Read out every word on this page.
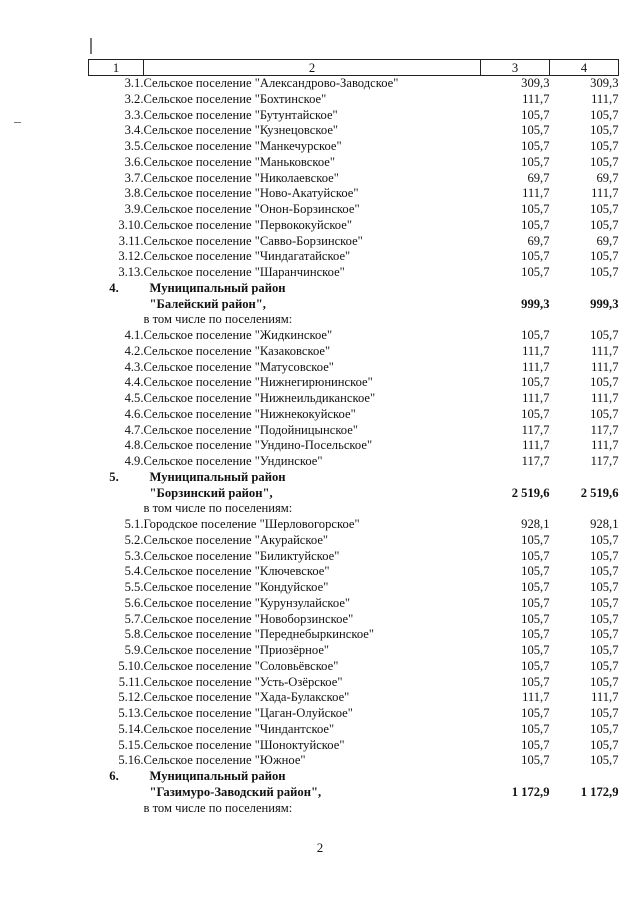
1	2	3	4
3.1.	Сельское поселение "Александрово-Заводское"	309,3	309,3
3.2.	Сельское поселение "Бохтинское"	111,7	111,7
3.3.	Сельское поселение "Бутунтайское"	105,7	105,7
3.4.	Сельское поселение "Кузнецовское"	105,7	105,7
3.5.	Сельское поселение "Манкечурское"	105,7	105,7
3.6.	Сельское поселение "Маньковское"	105,7	105,7
3.7.	Сельское поселение "Николаевское"	69,7	69,7
3.8.	Сельское поселение "Ново-Акатуйское"	111,7	111,7
3.9.	Сельское поселение "Онон-Борзинское"	105,7	105,7
3.10.	Сельское поселение "Первококуйское"	105,7	105,7
3.11.	Сельское поселение "Савво-Борзинское"	69,7	69,7
3.12.	Сельское поселение "Чиндагатайское"	105,7	105,7
3.13.	Сельское поселение "Шаранчинское"	105,7	105,7
4.	Муниципальный район		
	"Балейский район",	999,3	999,3
	в том числе по поселениям:		
4.1.	Сельское поселение "Жидкинское"	105,7	105,7
4.2.	Сельское поселение "Казаковское"	111,7	111,7
4.3.	Сельское поселение "Матусовское"	111,7	111,7
4.4.	Сельское поселение "Нижнегирюнинское"	105,7	105,7
4.5.	Сельское поселение "Нижнеильдиканское"	111,7	111,7
4.6.	Сельское поселение "Нижнекокуйское"	105,7	105,7
4.7.	Сельское поселение "Подойницынское"	117,7	117,7
4.8.	Сельское поселение "Ундино-Посельское"	111,7	111,7
4.9.	Сельское поселение "Ундинское"	117,7	117,7
5.	Муниципальный район		
	"Борзинский район",	2 519,6	2 519,6
	в том числе по поселениям:		
5.1.	Городское поселение "Шерловогорское"	928,1	928,1
5.2.	Сельское поселение "Акурайское"	105,7	105,7
5.3.	Сельское поселение "Биликтуйское"	105,7	105,7
5.4.	Сельское поселение "Ключевское"	105,7	105,7
5.5.	Сельское поселение "Кондуйское"	105,7	105,7
5.6.	Сельское поселение "Курунзулайское"	105,7	105,7
5.7.	Сельское поселение "Новоборзинское"	105,7	105,7
5.8.	Сельское поселение "Переднебыркинское"	105,7	105,7
5.9.	Сельское поселение "Приозёрное"	105,7	105,7
5.10.	Сельское поселение "Соловьёвское"	105,7	105,7
5.11.	Сельское поселение "Усть-Озёрское"	105,7	105,7
5.12.	Сельское поселение "Хада-Булакское"	111,7	111,7
5.13.	Сельское поселение "Цаган-Олуйское"	105,7	105,7
5.14.	Сельское поселение "Чиндантское"	105,7	105,7
5.15.	Сельское поселение "Шоноктуйское"	105,7	105,7
5.16.	Сельское поселение "Южное"	105,7	105,7
6.	Муниципальный район		
	"Газимуро-Заводский район",	1 172,9	1 172,9
	в том числе по поселениям:		
2
